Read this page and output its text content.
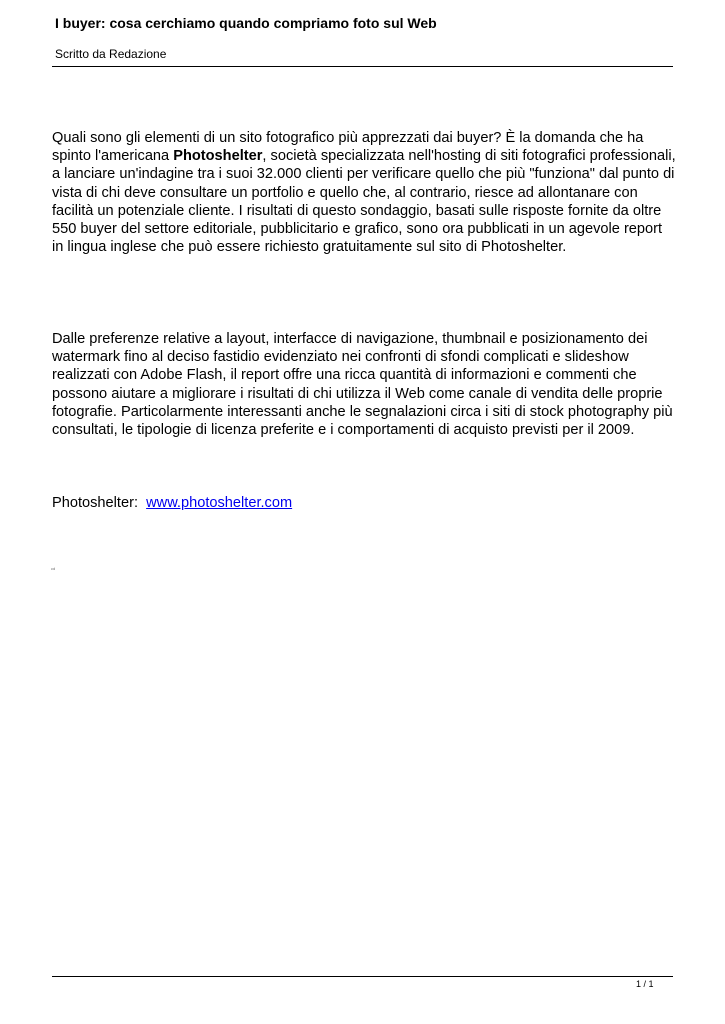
I buyer: cosa cerchiamo quando compriamo foto sul Web
Scritto da Redazione

Quali sono gli elementi di un sito fotografico più apprezzati dai buyer? È la domanda che ha spinto l'americana Photoshelter, società specializzata nell'hosting di siti fotografici professionali, a lanciare un'indagine tra i suoi 32.000 clienti per verificare quello che più "funziona" dal punto di vista di chi deve consultare un portfolio e quello che, al contrario, riesce ad allontanare con facilità un potenziale cliente. I risultati di questo sondaggio, basati sulle risposte fornite da oltre 550 buyer del settore editoriale, pubblicitario e grafico, sono ora pubblicati in un agevole report in lingua inglese che può essere richiesto gratuitamente sul sito di Photoshelter.

Dalle preferenze relative a layout, interfacce di navigazione, thumbnail e posizionamento dei watermark fino al deciso fastidio evidenziato nei confronti di sfondi complicati e slideshow realizzati con Adobe Flash, il report offre una ricca quantità di informazioni e commenti che possono aiutare a migliorare i risultati di chi utilizza il Web come canale di vendita delle proprie fotografie. Particolarmente interessanti anche le segnalazioni circa i siti di stock photography più consultati, le tipologie di licenza preferite e i comportamenti di acquisto previsti per il 2009.

Photoshelter: www.photoshelter.com

cd
1 / 1
